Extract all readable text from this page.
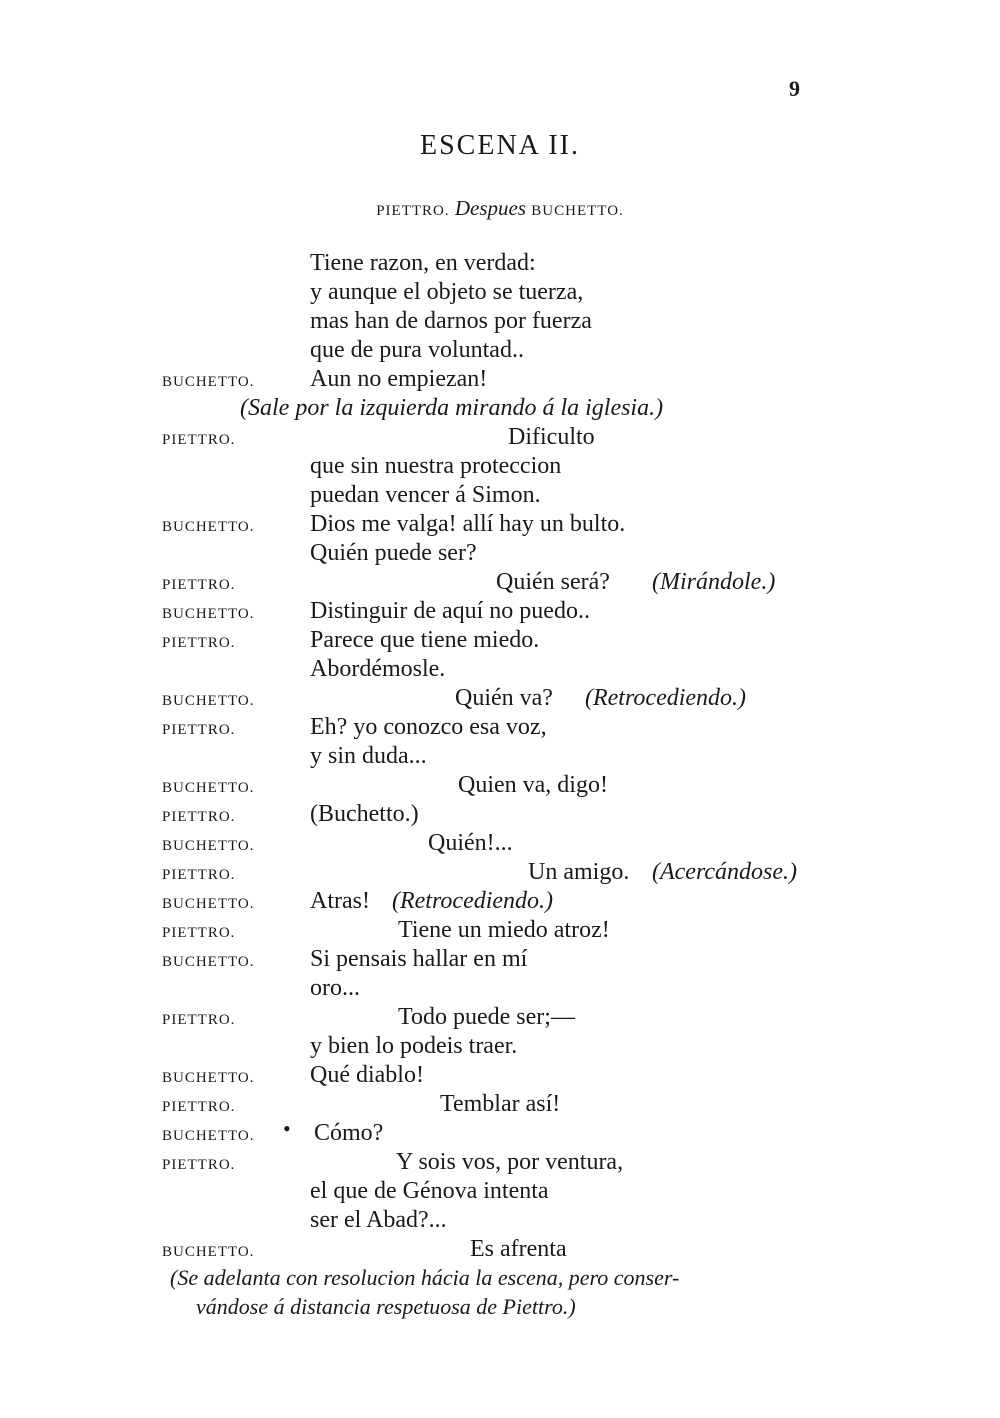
9
ESCENA II.
PIETTRO. Despues BUCHETTO.
Tiene razon, en verdad:
y aunque el objeto se tuerza,
mas han de darnos por fuerza
que de pura voluntad..
BUCHETTO. Aun no empiezan!
(Sale por la izquierda mirando á la iglesia.)
PIETTRO.	Dificulto
que sin nuestra proteccion
puedan vencer á Simon.
BUCHETTO. Dios me valga! allí hay un bulto.
Quién puede ser?
PIETTRO.	Quién será? (Mirándole.)
BUCHETTO. Distinguir de aquí no puedo..
PIETTRO.	Parece que tiene miedo.
Abordémosle.
BUCHETTO.	Quién va? (Retrocediendo.)
PIETTRO.	Eh? yo conozco esa voz,
y sin duda...
BUCHETTO.	Quien va, digo!
PIETTRO.	(Buchetto.)
BUCHETTO.	Quién!...
PIETTRO.	Un amigo. (Acercándose.)
BUCHETTO. Atras! (Retrocediendo.)
PIETTRO.	Tiene un miedo atroz!
BUCHETTO. Si pensais hallar en mí
oro...
PIETTRO.	Todo puede ser;—
y bien lo podeis traer.
BUCHETTO. Qué diablo!
PIETTRO.	Temblar así!
BUCHETTO. • Cómo?
PIETTRO.	Y sois vos, por ventura,
el que de Génova intenta
ser el Abad?...
BUCHETTO.	Es afrenta
(Se adelanta con resolucion hácia la escena, pero conser-
vándose á distancia respetuosa de Piettro.)
